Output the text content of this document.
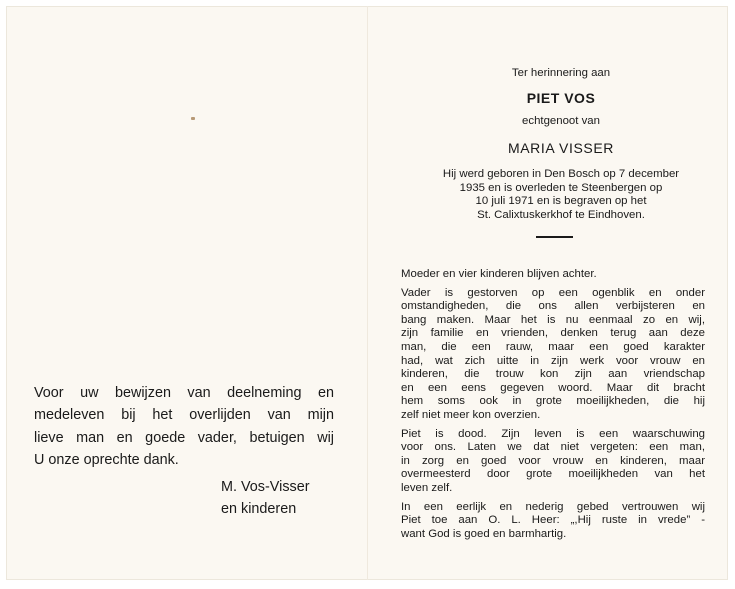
Voor uw bewijzen van deelneming en
medeleven bij het overlijden van mijn
lieve man en goede vader, betuigen wij
U onze oprechte dank.
M. Vos-Visser
en kinderen
Ter herinnering aan
PIET VOS
echtgenoot van
MARIA VISSER
Hij werd geboren in Den Bosch op 7 december
1935 en is overleden te Steenbergen op
10 juli 1971 en is begraven op het
St. Calixtuskerkhof te Eindhoven.
Moeder en vier kinderen blijven achter.
Vader is gestorven op een ogenblik en onder
omstandigheden, die ons allen verbijsteren en
bang maken. Maar het is nu eenmaal zo en wij,
zijn familie en vrienden, denken terug aan deze
man, die een rauw, maar een goed karakter
had, wat zich uitte in zijn werk voor vrouw en
kinderen, die trouw kon zijn aan vriendschap
en een eens gegeven woord. Maar dit bracht
hem soms ook in grote moeilijkheden, die hij
zelf niet meer kon overzien.
Piet is dood. Zijn leven is een waarschuwing
voor ons. Laten we dat niet vergeten: een man,
in zorg en goed voor vrouw en kinderen, maar
overmeesterd door grote moeilijkheden van het
leven zelf.
In een eerlijk en nederig gebed vertrouwen wij
Piet toe aan O. L. Heer: „,Hij ruste in vrede” -
want God is goed en barmhartig.
